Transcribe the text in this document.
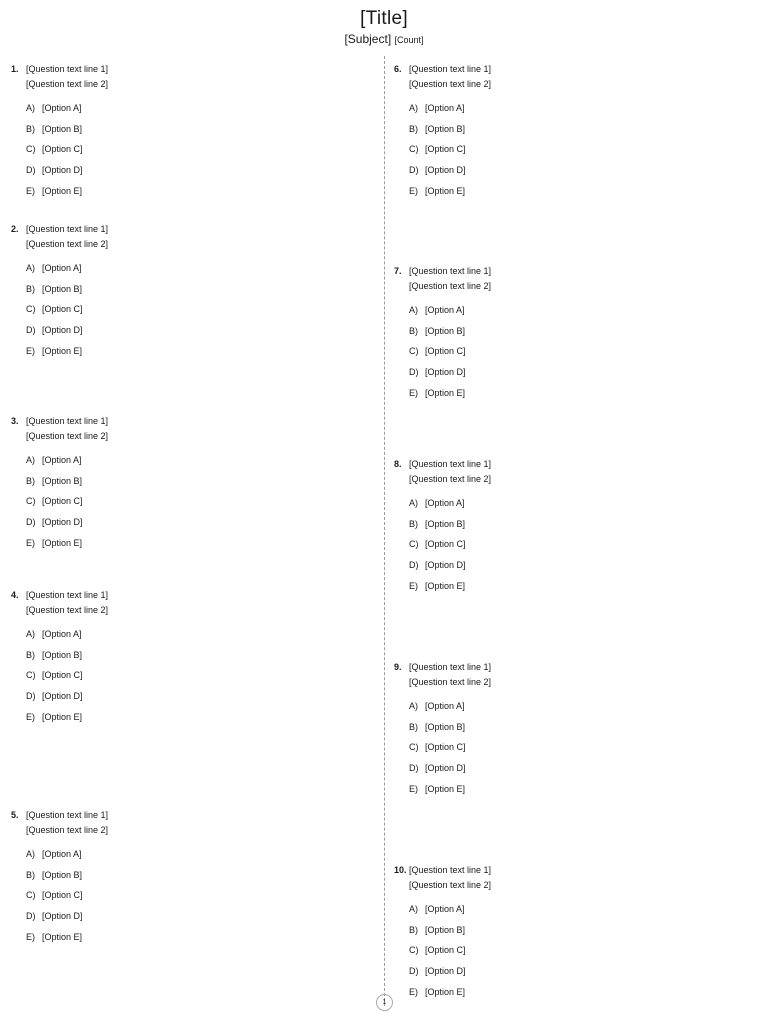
[Title]
[Subject] [Count]
1. [Question text line 1]
[Question text line 2]
A) [Option A]
B) [Option B]
C) [Option C]
D) [Option D]
E) [Option E]
2. [Question text line 1]
[Question text line 2]
A) [Option A]
B) [Option B]
C) [Option C]
D) [Option D]
E) [Option E]
3. [Question text line 1]
[Question text line 2]
A) [Option A]
B) [Option B]
C) [Option C]
D) [Option D]
E) [Option E]
4. [Question text line 1]
[Question text line 2]
A) [Option A]
B) [Option B]
C) [Option C]
D) [Option D]
E) [Option E]
5. [Question text line 1]
[Question text line 2]
A) [Option A]
B) [Option B]
C) [Option C]
D) [Option D]
E) [Option E]
6. [Question text line 1]
[Question text line 2]
A) [Option A]
B) [Option B]
C) [Option C]
D) [Option D]
E) [Option E]
7. [Question text line 1]
[Question text line 2]
A) [Option A]
B) [Option B]
C) [Option C]
D) [Option D]
E) [Option E]
8. [Question text line 1]
[Question text line 2]
A) [Option A]
B) [Option B]
C) [Option C]
D) [Option D]
E) [Option E]
9. [Question text line 1]
[Question text line 2]
A) [Option A]
B) [Option B]
C) [Option C]
D) [Option D]
E) [Option E]
10. [Question text line 1]
[Question text line 2]
A) [Option A]
B) [Option B]
C) [Option C]
D) [Option D]
E) [Option E]
1
